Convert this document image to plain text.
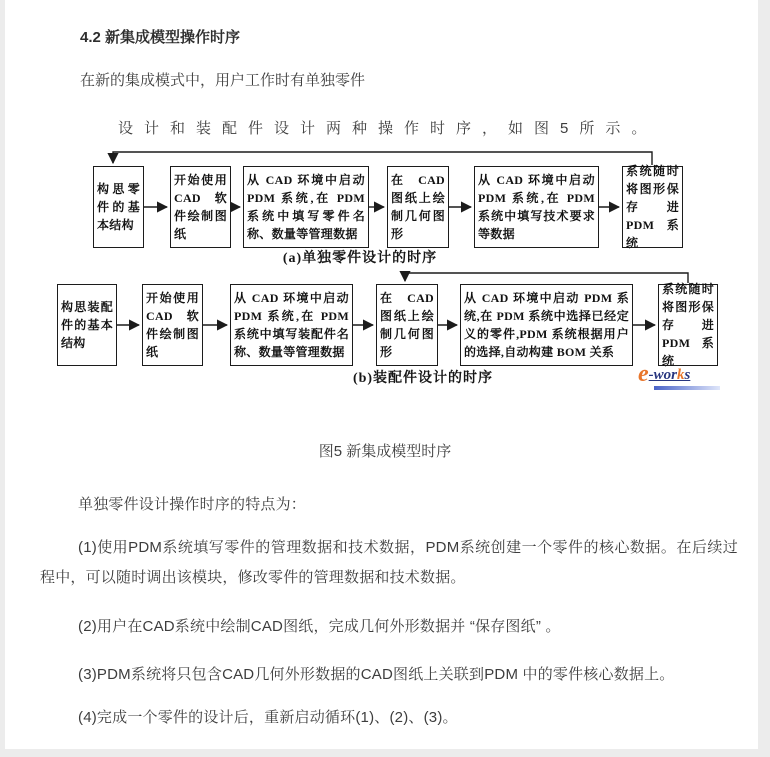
4.2 新集成模型操作时序
在新的集成模式中，用户工作时有单独零件
设计和装配件设计两种操作时序，如图5所示。
构思零件的基本结构
开始使用 CAD 软件绘制图纸
从 CAD 环境中启动 PDM 系统,在 PDM 系统中填写零件名称、数量等管理数据
在 CAD 图纸上绘制几何图形
从 CAD 环境中启动 PDM 系统,在 PDM 系统中填写技术要求等数据
系统随时将图形保存进 PDM 系统
(a)单独零件设计的时序
构思装配件的基本结构
开始使用 CAD 软件绘制图纸
从 CAD 环境中启动 PDM 系统,在 PDM 系统中填写装配件名称、数量等管理数据
在 CAD 图纸上绘制几何图形
从 CAD 环境中启动 PDM 系统,在 PDM 系统中选择已经定义的零件,PDM 系统根据用户的选择,自动构建 BOM 关系
系统随时将图形保存进 PDM 系统
(b)装配件设计的时序	e-works
图5 新集成模型时序
单独零件设计操作时序的特点为：
(1)使用PDM系统填写零件的管理数据和技术数据，PDM系统创建一个零件的核心数据。在后续过程中，可以随时调出该模块，修改零件的管理数据和技术数据。
(2)用户在CAD系统中绘制CAD图纸，完成几何外形数据并 “保存图纸” 。
(3)PDM系统将只包含CAD几何外形数据的CAD图纸上关联到PDM 中的零件核心数据上。
(4)完成一个零件的设计后，重新启动循环(1)、(2)、(3)。
